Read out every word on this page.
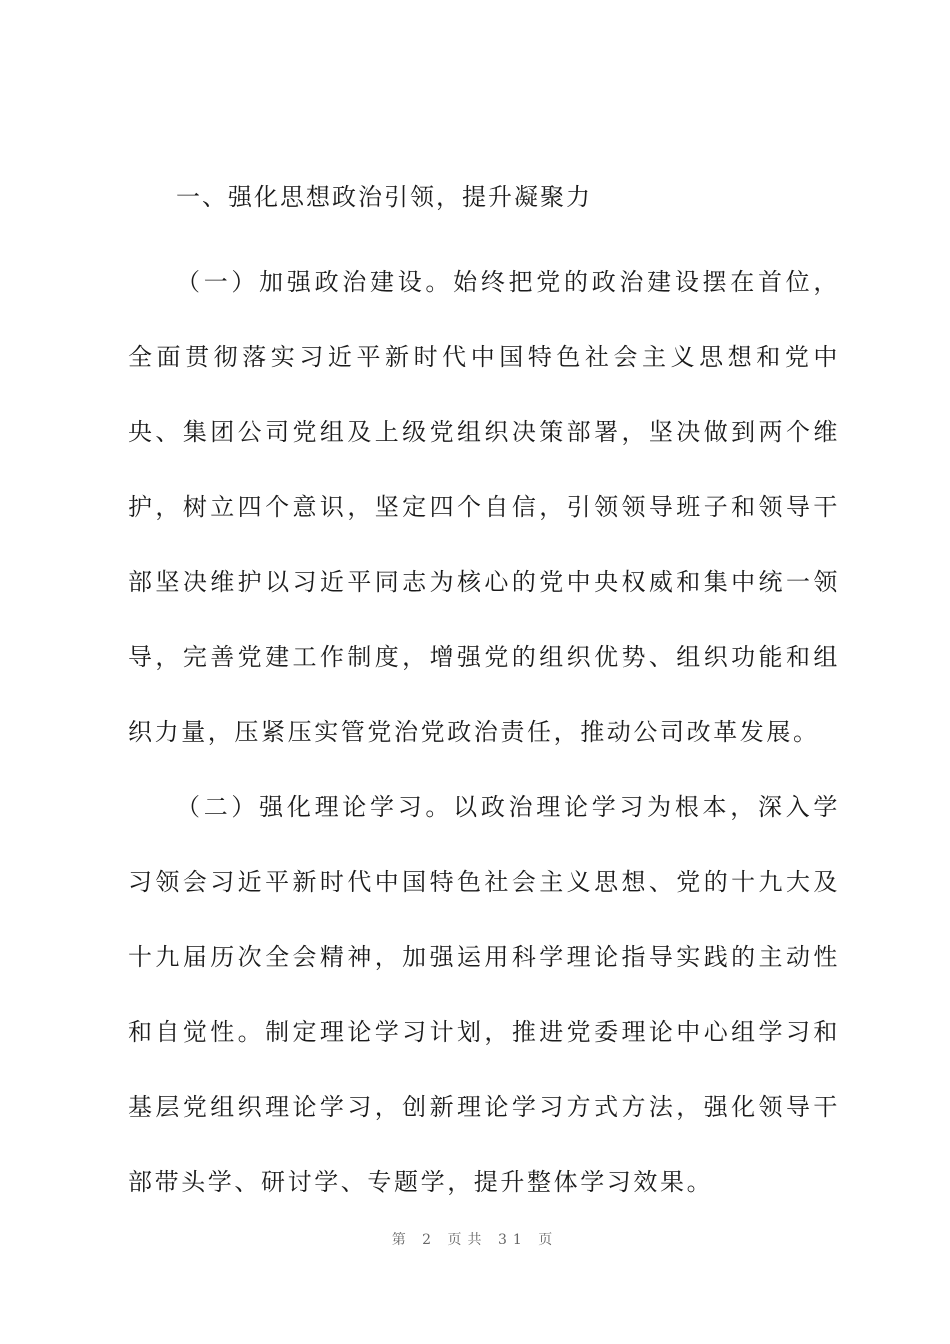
一、强化思想政治引领，提升凝聚力

（一）加强政治建设。始终把党的政治建设摆在首位，全面贯彻落实习近平新时代中国特色社会主义思想和党中央、集团公司党组及上级党组织决策部署，坚决做到两个维护，树立四个意识，坚定四个自信，引领领导班子和领导干部坚决维护以习近平同志为核心的党中央权威和集中统一领导，完善党建工作制度，增强党的组织优势、组织功能和组织力量，压紧压实管党治党政治责任，推动公司改革发展。

（二）强化理论学习。以政治理论学习为根本，深入学习领会习近平新时代中国特色社会主义思想、党的十九大及十九届历次全会精神，加强运用科学理论指导实践的主动性和自觉性。制定理论学习计划，推进党委理论中心组学习和基层党组织理论学习，创新理论学习方式方法，强化领导干部带头学、研讨学、专题学，提升整体学习效果。

第 2 页共 31 页
